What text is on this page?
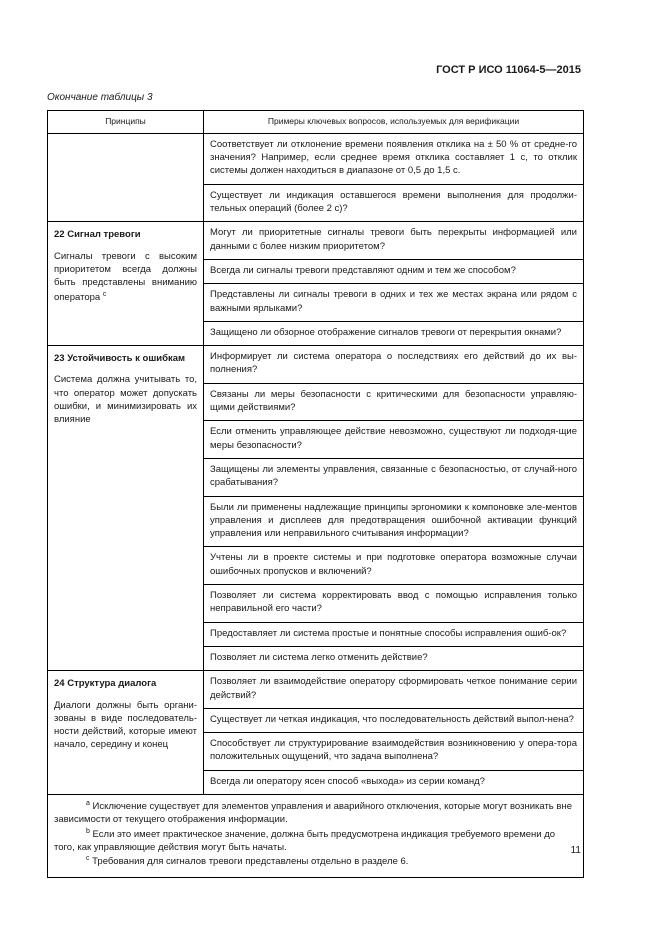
ГОСТ Р ИСО 11064-5—2015
Окончание таблицы 3
Принципы	Примеры ключевых вопросов, используемых для верификации
	Соответствует ли отклонение времени появления отклика на ± 50 % от средне-го значения? Например, если среднее время отклика составляет 1 с, то отклик системы должен находиться в диапазоне от 0,5 до 1,5 с.
	Существует ли индикация оставшегося времени выполнения для продолжи-тельных операций (более 2 с)?

22 Сигнал тревоги
Сигналы тревоги с высоким приоритетом всегда должны быть представлены вниманию оператора $^c$	Могут ли приоритетные сигналы тревоги быть перекрыты информацией или данными с более низким приоритетом?
	Всегда ли сигналы тревоги представляют одним и тем же способом?
	Представлены ли сигналы тревоги в одних и тех же местах экрана или рядом с важными ярлыками?
	Защищено ли обзорное отображение сигналов тревоги от перекрытия окнами?

23 Устойчивость к ошибкам
Система должна учитывать то, что оператор может допускать ошибки, и минимизировать их влияние	Информирует ли система оператора о последствиях его действий до их вы-полнения?
	Связаны ли меры безопасности с критическими для безопасности управляю-щими действиями?
	Если отменить управляющее действие невозможно, существуют ли подходя-щие меры безопасности?
	Защищены ли элементы управления, связанные с безопасностью, от случай-ного срабатывания?
	Были ли применены надлежащие принципы эргономики к компоновке эле-ментов управления и дисплеев для предотвращения ошибочной активации функций управления или неправильного считывания информации?
	Учтены ли в проекте системы и при подготовке оператора возможные случаи ошибочных пропусков и включений?
	Позволяет ли система корректировать ввод с помощью исправления только неправильной его части?
	Предоставляет ли система простые и понятные способы исправления ошиб-ок?
	Позволяет ли система легко отменить действие?

24 Структура диалога
Диалоги должны быть органи-зованы в виде последователь-ности действий, которые имеют начало, середину и конец	Позволяет ли взаимодействие оператору сформировать четкое понимание серии действий?
	Существует ли четкая индикация, что последовательность действий выпол-нена?
	Способствует ли структурирование взаимодействия возникновению у опера-тора положительных ощущений, что задача выполнена?
	Всегда ли оператору ясен способ «выхода» из серии команд?

$^a$ Исключение существует для элементов управления и аварийного отключения, которые могут возникать вне зависимости от текущего отображения информации.

$^b$ Если это имеет практическое значение, должна быть предусмотрена индикация требуемого времени до того, как управляющие действия могут быть начаты.

$^c$ Требования для сигналов тревоги представлены отдельно в разделе 6.	

11
